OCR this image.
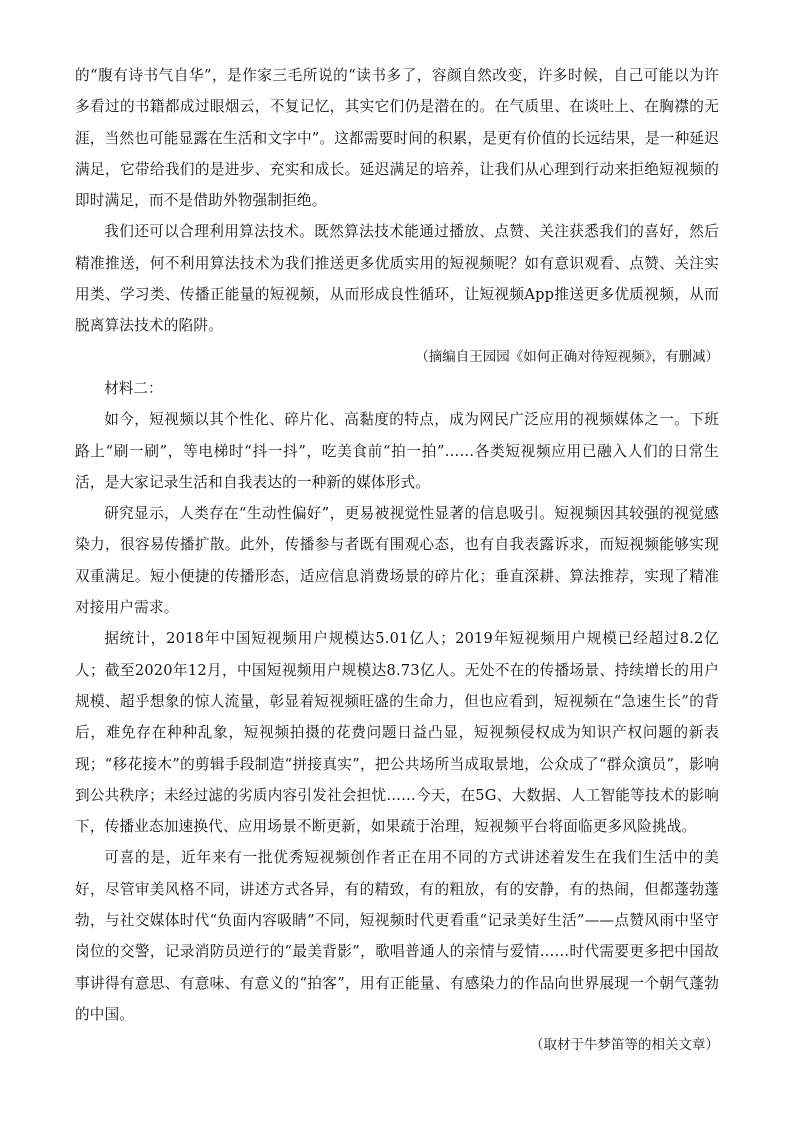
的“腹有诗书气自华”，是作家三毛所说的“读书多了，容颜自然改变，许多时候，自己可能以为许多看过的书籍都成过眼烟云，不复记忆，其实它们仍是潜在的。在气质里、在谈吐上、在胸襟的无涯，当然也可能显露在生活和文字中”。这都需要时间的积累，是更有价值的长远结果，是一种延迟满足，它带给我们的是进步、充实和成长。延迟满足的培养，让我们从心理到行动来拒绝短视频的即时满足，而不是借助外物强制拒绝。

我们还可以合理利用算法技术。既然算法技术能通过播放、点赞、关注获悉我们的喜好，然后精准推送，何不利用算法技术为我们推送更多优质实用的短视频呢？如有意识观看、点赞、关注实用类、学习类、传播正能量的短视频，从而形成良性循环，让短视频App推送更多优质视频，从而脱离算法技术的陷阱。

（摘编自王园园《如何正确对待短视频》，有删减）

材料二：

如今，短视频以其个性化、碎片化、高黏度的特点，成为网民广泛应用的视频媒体之一。下班路上“刷一刷”，等电梯时“抖一抖”，吃美食前“拍一拍”……各类短视频应用已融入人们的日常生活，是大家记录生活和自我表达的一种新的媒体形式。

研究显示，人类存在“生动性偏好”，更易被视觉性显著的信息吸引。短视频因其较强的视觉感染力，很容易传播扩散。此外，传播参与者既有围观心态，也有自我表露诉求，而短视频能够实现双重满足。短小便捷的传播形态，适应信息消费场景的碎片化；垂直深耕、算法推荐，实现了精准对接用户需求。

据统计，2018年中国短视频用户规模达5.01亿人；2019年短视频用户规模已经超过8.2亿人；截至2020年12月，中国短视频用户规模达8.73亿人。无处不在的传播场景、持续增长的用户规模、超乎想象的惊人流量，彰显着短视频旺盛的生命力，但也应看到，短视频在“急速生长”的背后，难免存在种种乱象，短视频拍摄的花费问题日益凸显，短视频侵权成为知识产权问题的新表现；“移花接木”的剪辑手段制造“拼接真实”，把公共场所当成取景地，公众成了“群众演员”，影响到公共秩序；未经过滤的劣质内容引发社会担忧……今天，在5G、大数据、人工智能等技术的影响下，传播业态加速换代、应用场景不断更新，如果疏于治理，短视频平台将面临更多风险挑战。

可喜的是，近年来有一批优秀短视频创作者正在用不同的方式讲述着发生在我们生活中的美好，尽管审美风格不同，讲述方式各异，有的精致，有的粗放，有的安静，有的热闹，但都蓬勃蓬勃，与社交媒体时代“负面内容吸睛”不同，短视频时代更看重“记录美好生活”——点赞风雨中坚守岗位的交警，记录消防员逆行的“最美背影”，歌唱普通人的亲情与爱情……时代需要更多把中国故事讲得有意思、有意味、有意义的“拍客”，用有正能量、有感染力的作品向世界展现一个朝气蓬勃的中国。

（取材于牛梦笛等的相关文章）
